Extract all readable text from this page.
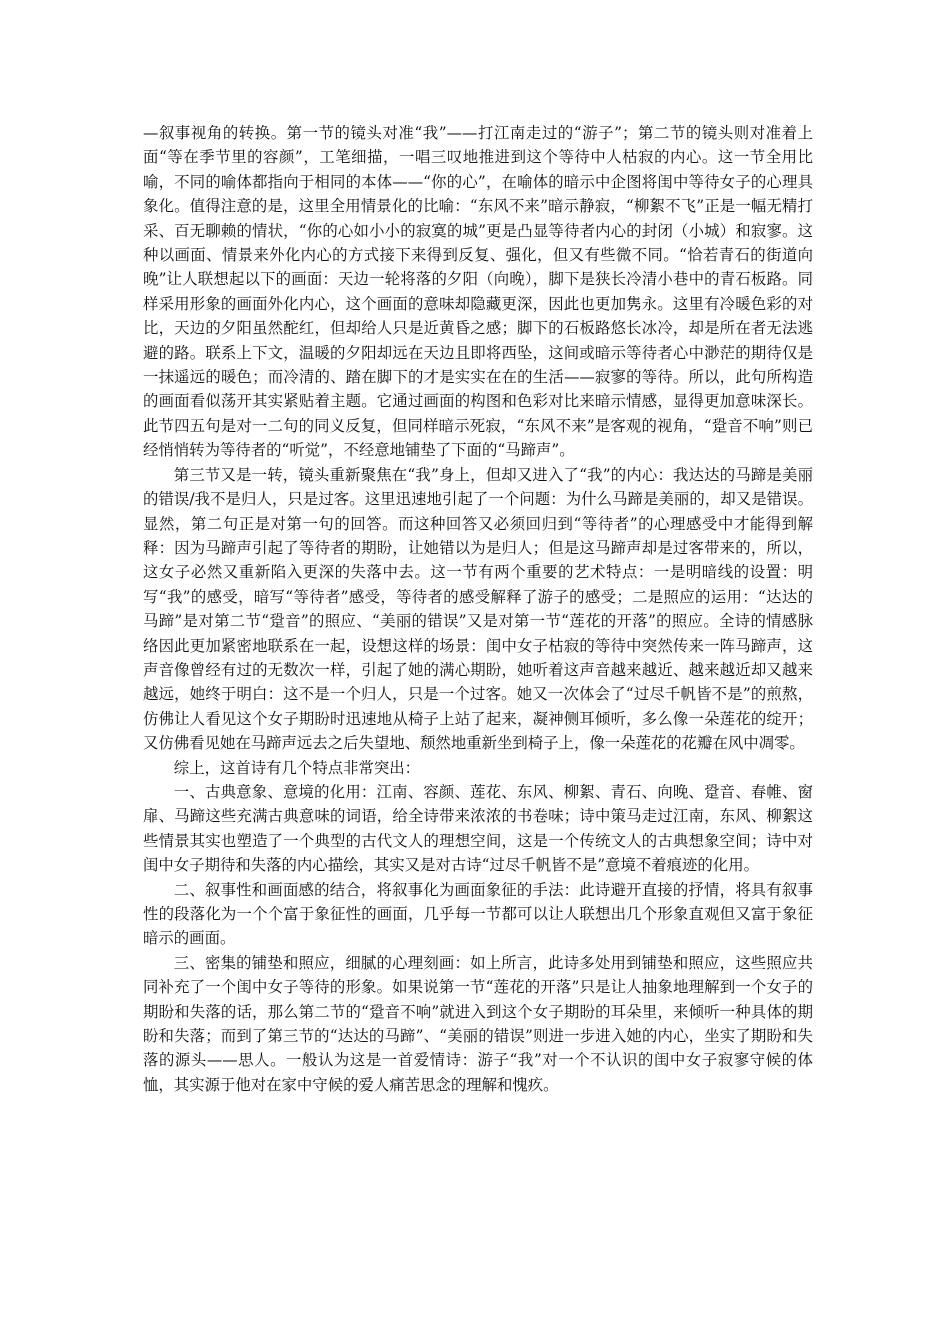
—叙事视角的转换。第一节的镜头对准“我”——打江南走过的“游子”；第二节的镜头则对准着上面“等在季节里的容颜”，工笔细描，一唱三叹地推进到这个等待中人枯寂的内心。这一节全用比喻，不同的喻体都指向于相同的本体——“你的心”，在喻体的暗示中企图将闺中等待女子的心理具象化。值得注意的是，这里全用情景化的比喻：“东风不来”暗示静寂，“柳絮不飞”正是一幅无精打采、百无聊赖的情状，“你的心如小小的寂寞的城”更是凸显等待者内心的封闭（小城）和寂寥。这种以画面、情景来外化内心的方式接下来得到反复、强化，但又有些微不同。“恰若青石的街道向晚”让人联想起以下的画面：天边一轮将落的夕阳（向晚），脚下是狭长冷清小巷中的青石板路。同样采用形象的画面外化内心，这个画面的意味却隐藏更深，因此也更加隽永。这里有冷暖色彩的对比，天边的夕阳虽然酡红，但却给人只是近黄昏之感；脚下的石板路悠长冰冷，却是所在者无法逃避的路。联系上下文，温暖的夕阳却远在天边且即将西坠，这间或暗示等待者心中渺茫的期待仅是一抹遥远的暖色；而冷清的、踏在脚下的才是实实在在的生活——寂寥的等待。所以，此句所构造的画面看似荡开其实紧贴着主题。它通过画面的构图和色彩对比来暗示情感，显得更加意味深长。此节四五句是对一二句的同义反复，但同样暗示死寂，“东风不来”是客观的视角，“跫音不响”则已经悄悄转为等待者的“听觉”，不经意地铺垫了下面的“马蹄声”。

第三节又是一转，镜头重新聚焦在“我”身上，但却又进入了“我”的内心：我达达的马蹄是美丽的错误/我不是归人，只是过客。这里迅速地引起了一个问题：为什么马蹄是美丽的，却又是错误。显然，第二句正是对第一句的回答。而这种回答又必须回归到“等待者”的心理感受中才能得到解释：因为马蹄声引起了等待者的期盼，让她错以为是归人；但是这马蹄声却是过客带来的，所以，这女子必然又重新陷入更深的失落中去。这一节有两个重要的艺术特点：一是明暗线的设置：明写“我”的感受，暗写“等待者”感受，等待者的感受解释了游子的感受；二是照应的运用：“达达的马蹄”是对第二节“跫音”的照应、“美丽的错误”又是对第一节“莲花的开落”的照应。全诗的情感脉络因此更加紧密地联系在一起，设想这样的场景：闺中女子枯寂的等待中突然传来一阵马蹄声，这声音像曾经有过的无数次一样，引起了她的满心期盼，她听着这声音越来越近、越来越近却又越来越远，她终于明白：这不是一个归人，只是一个过客。她又一次体会了“过尽千帆皆不是”的煎熬，仿佛让人看见这个女子期盼时迅速地从椅子上站了起来，凝神侧耳倾听，多么像一朵莲花的绽开；又仿佛看见她在马蹄声远去之后失望地、颓然地重新坐到椅子上，像一朵莲花的花瓣在风中凋零。

综上，这首诗有几个特点非常突出：

一、古典意象、意境的化用：江南、容颜、莲花、东风、柳絮、青石、向晚、跫音、春帷、窗扉、马蹄这些充满古典意味的词语，给全诗带来浓浓的书卷味；诗中策马走过江南，东风、柳絮这些情景其实也塑造了一个典型的古代文人的理想空间，这是一个传统文人的古典想象空间；诗中对闺中女子期待和失落的内心描绘，其实又是对古诗“过尽千帆皆不是”意境不着痕迹的化用。

二、叙事性和画面感的结合，将叙事化为画面象征的手法：此诗避开直接的抒情，将具有叙事性的段落化为一个个富于象征性的画面，几乎每一节都可以让人联想出几个形象直观但又富于象征暗示的画面。

三、密集的铺垫和照应，细腻的心理刻画：如上所言，此诗多处用到铺垫和照应，这些照应共同补充了一个闺中女子等待的形象。如果说第一节“莲花的开落”只是让人抽象地理解到一个女子的期盼和失落的话，那么第二节的“跫音不响”就进入到这个女子期盼的耳朵里，来倾听一种具体的期盼和失落；而到了第三节的“达达的马蹄”、“美丽的错误”则进一步进入她的内心，坐实了期盼和失落的源头——思人。一般认为这是一首爱情诗：游子“我”对一个不认识的闺中女子寂寥守候的体恤，其实源于他对在家中守候的爱人痛苦思念的理解和愧疚。
